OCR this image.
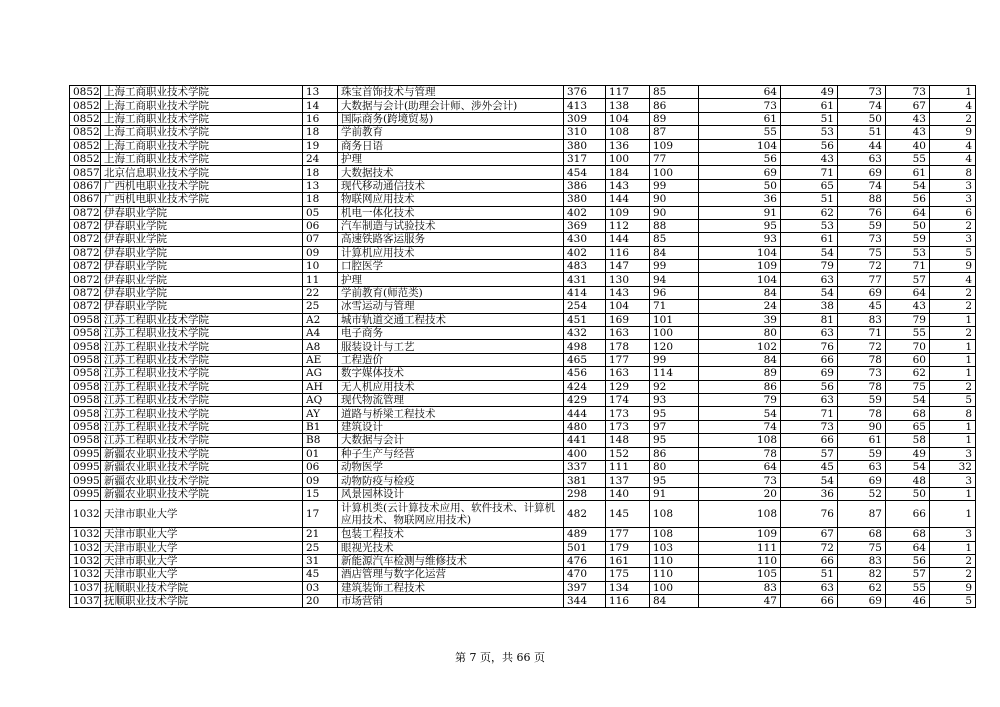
0852	上海工商职业技术学院	13	珠宝首饰技术与管理	376	117	85	64	49	73	73	1
0852	上海工商职业技术学院	14	大数据与会计(助理会计师、涉外会计)	413	138	86	73	61	74	67	4
0852	上海工商职业技术学院	16	国际商务(跨境贸易)	309	104	89	61	51	50	43	2
0852	上海工商职业技术学院	18	学前教育	310	108	87	55	53	51	43	9
0852	上海工商职业技术学院	19	商务日语	380	136	109	104	56	44	40	4
0852	上海工商职业技术学院	24	护理	317	100	77	56	43	63	55	4
0857	北京信息职业技术学院	18	大数据技术	454	184	100	69	71	69	61	8
0867	广西机电职业技术学院	13	现代移动通信技术	386	143	99	50	65	74	54	3
0867	广西机电职业技术学院	18	物联网应用技术	380	144	90	36	51	88	56	3
0872	伊春职业学院	05	机电一体化技术	402	109	90	91	62	76	64	6
0872	伊春职业学院	06	汽车制造与试验技术	369	112	88	95	53	59	50	2
0872	伊春职业学院	07	高速铁路客运服务	430	144	85	93	61	73	59	3
0872	伊春职业学院	09	计算机应用技术	402	116	84	104	54	75	53	5
0872	伊春职业学院	10	口腔医学	483	147	99	109	79	72	71	9
0872	伊春职业学院	11	护理	431	130	94	104	63	77	57	4
0872	伊春职业学院	22	学前教育(师范类)	414	143	96	84	54	69	64	2
0872	伊春职业学院	25	冰雪运动与管理	254	104	71	24	38	45	43	2
0958	江苏工程职业技术学院	A2	城市轨道交通工程技术	451	169	101	39	81	83	79	1
0958	江苏工程职业技术学院	A4	电子商务	432	163	100	80	63	71	55	2
0958	江苏工程职业技术学院	A8	服装设计与工艺	498	178	120	102	76	72	70	1
0958	江苏工程职业技术学院	AE	工程造价	465	177	99	84	66	78	60	1
0958	江苏工程职业技术学院	AG	数字媒体技术	456	163	114	89	69	73	62	1
0958	江苏工程职业技术学院	AH	无人机应用技术	424	129	92	86	56	78	75	2
0958	江苏工程职业技术学院	AQ	现代物流管理	429	174	93	79	63	59	54	5
0958	江苏工程职业技术学院	AY	道路与桥梁工程技术	444	173	95	54	71	78	68	8
0958	江苏工程职业技术学院	B1	建筑设计	480	173	97	74	73	90	65	1
0958	江苏工程职业技术学院	B8	大数据与会计	441	148	95	108	66	61	58	1
0995	新疆农业职业技术学院	01	种子生产与经营	400	152	86	78	57	59	49	3
0995	新疆农业职业技术学院	06	动物医学	337	111	80	64	45	63	54	32
0995	新疆农业职业技术学院	09	动物防疫与检疫	381	137	95	73	54	69	48	3
0995	新疆农业职业技术学院	15	风景园林设计	298	140	91	20	36	52	50	1
1032	天津市职业大学	17	计算机类(云计算技术应用、软件技术、计算机应用技术、物联网应用技术)	482	145	108	108	76	87	66	1
1032	天津市职业大学	21	包装工程技术	489	177	108	109	67	68	68	3
1032	天津市职业大学	25	眼视光技术	501	179	103	111	72	75	64	1
1032	天津市职业大学	31	新能源汽车检测与维修技术	476	161	110	110	66	83	56	2
1032	天津市职业大学	45	酒店管理与数字化运营	470	175	110	105	51	82	57	2
1037	抚顺职业技术学院	03	建筑装饰工程技术	397	134	100	83	63	62	55	9
1037	抚顺职业技术学院	20	市场营销	344	116	84	47	66	69	46	5
第 7 页，共 66 页
